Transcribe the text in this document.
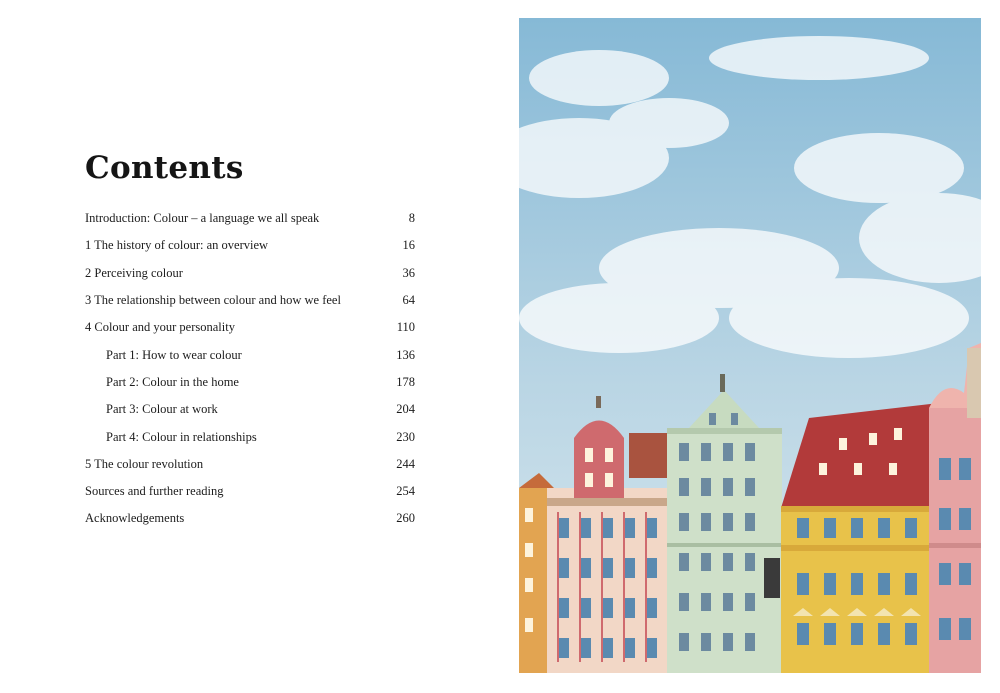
Contents
Introduction: Colour – a language we all speak	8
1 The history of colour: an overview	16
2 Perceiving colour	36
3 The relationship between colour and how we feel	64
4 Colour and your personality	110
Part 1: How to wear colour	136
Part 2: Colour in the home	178
Part 3: Colour at work	204
Part 4: Colour in relationships	230
5 The colour revolution	244
Sources and further reading	254
Acknowledgements	260
